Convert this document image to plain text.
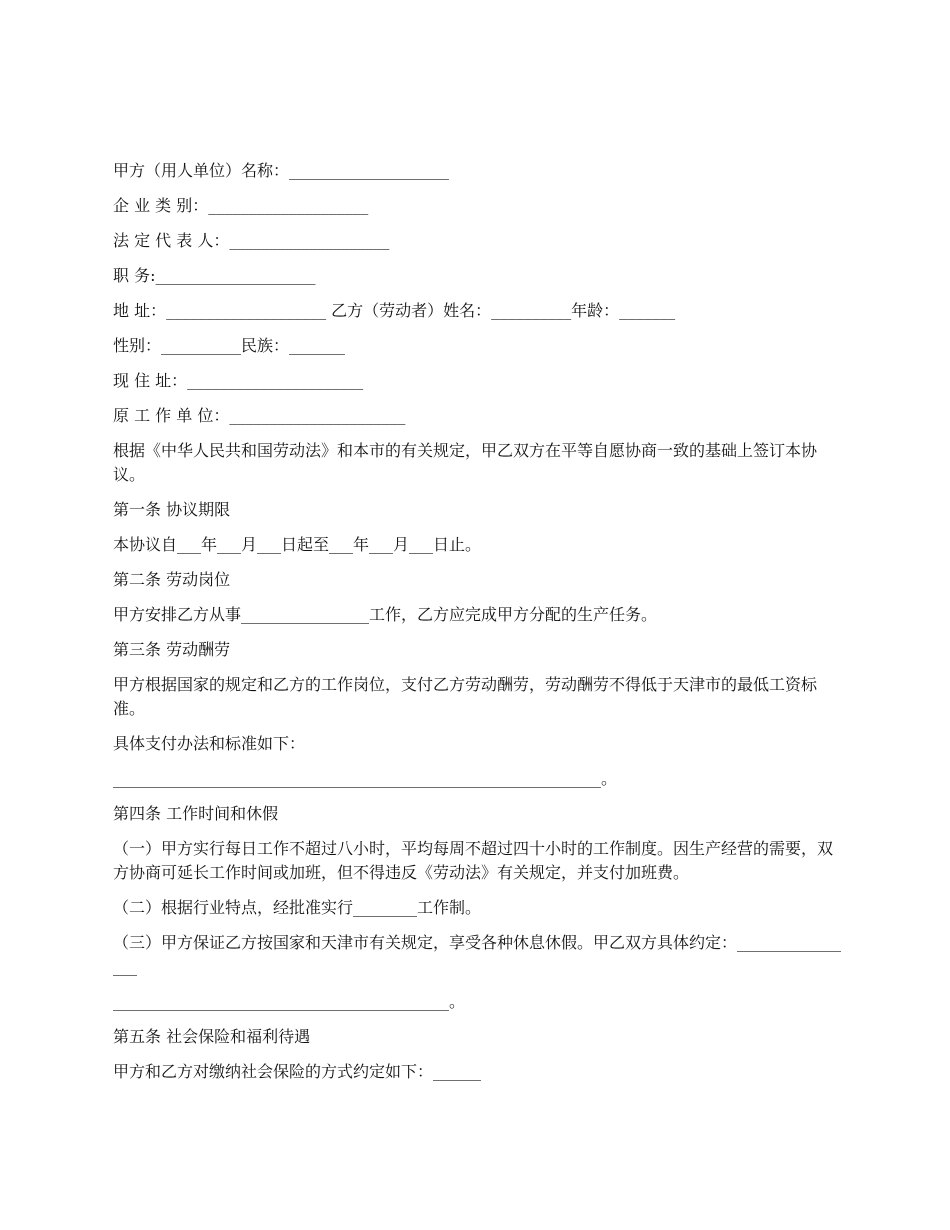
甲方（用人单位）名称：____________________

企 业 类 别：____________________

法 定 代 表 人：____________________

职 务:____________________

地 址：____________________ 乙方（劳动者）姓名：__________年龄：_______

性别：__________民族：_______

现 住 址：______________________

原 工 作 单 位：______________________

根据《中华人民共和国劳动法》和本市的有关规定，甲乙双方在平等自愿协商一致的基础上签订本协议。

第一条 协议期限

本协议自___年___月___日起至___年___月___日止。

第二条 劳动岗位

甲方安排乙方从事________________工作，乙方应完成甲方分配的生产任务。

第三条 劳动酬劳

甲方根据国家的规定和乙方的工作岗位，支付乙方劳动酬劳，劳动酬劳不得低于天津市的最低工资标准。

具体支付办法和标准如下：

_____________________________________________________________。

第四条 工作时间和休假

（一）甲方实行每日工作不超过八小时，平均每周不超过四十小时的工作制度。因生产经营的需要，双方协商可延长工作时间或加班，但不得违反《劳动法》有关规定，并支付加班费。

（二）根据行业特点，经批准实行________工作制。

（三）甲方保证乙方按国家和天津市有关规定，享受各种休息休假。甲乙双方具体约定：________________

__________________________________________。

第五条 社会保险和福利待遇

甲方和乙方对缴纳社会保险的方式约定如下：______
